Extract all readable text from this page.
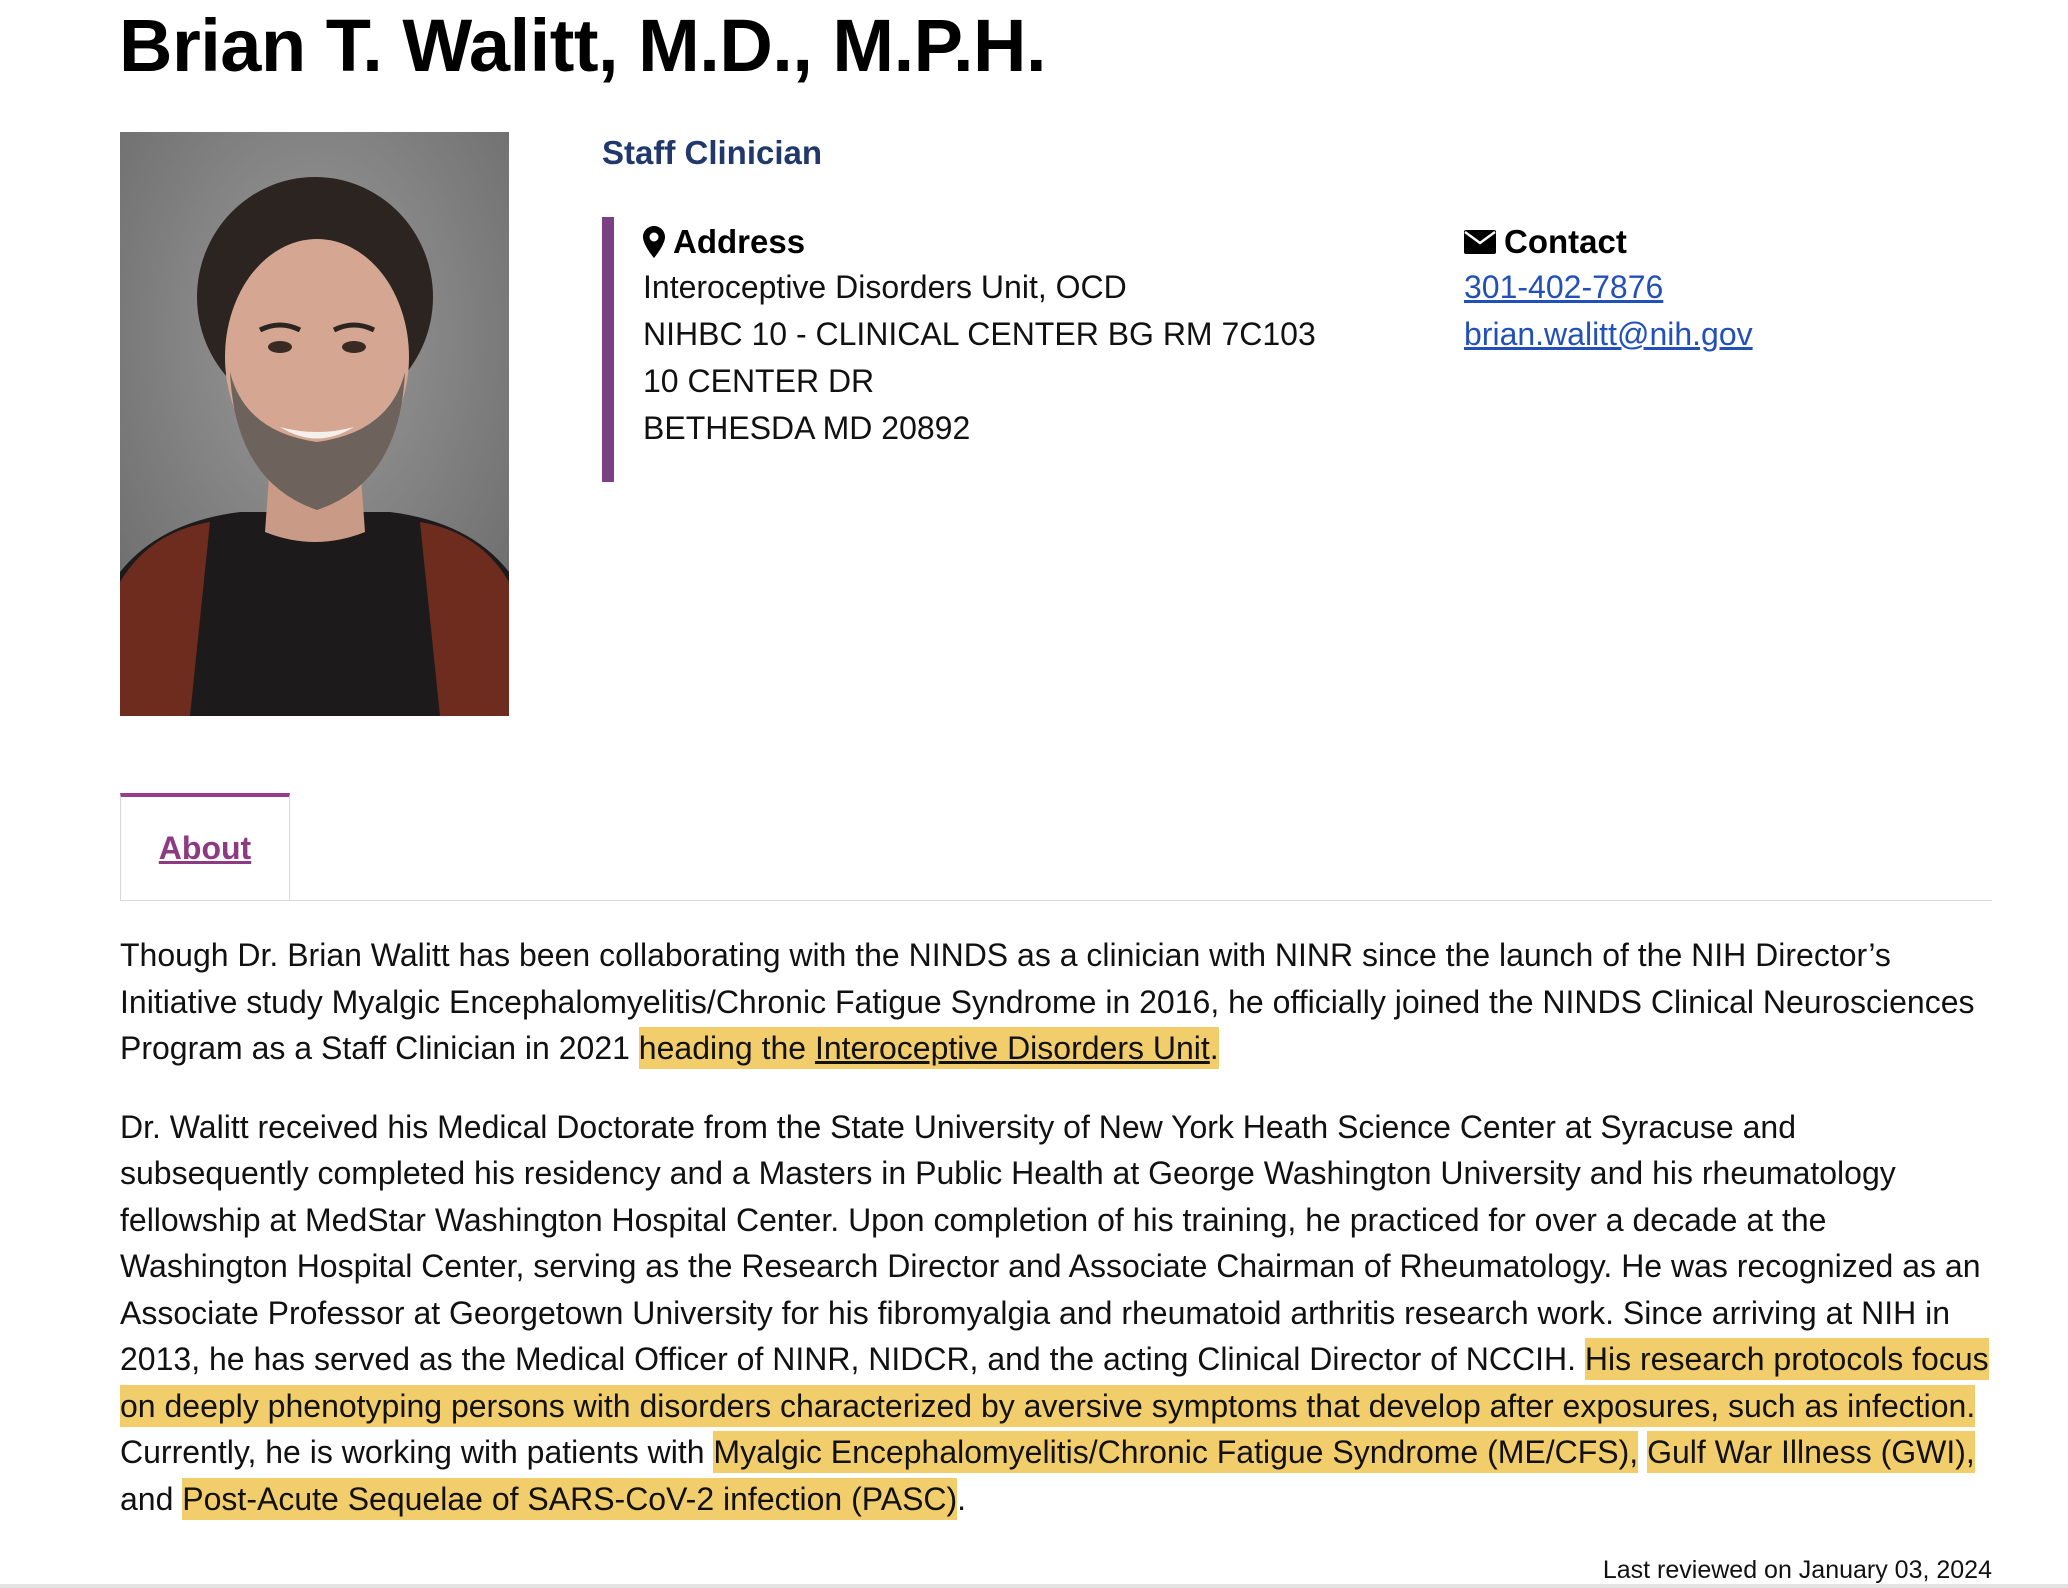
Brian T. Walitt, M.D., M.P.H.
Staff Clinician
Address
Interoceptive Disorders Unit, OCD
NIHBC 10 - CLINICAL CENTER BG RM 7C103
10 CENTER DR
BETHESDA MD 20892
Contact
301-402-7876
brian.walitt@nih.gov
About

Though Dr. Brian Walitt has been collaborating with the NINDS as a clinician with NINR since the launch of the NIH Director’s Initiative study Myalgic Encephalomyelitis/Chronic Fatigue Syndrome in 2016, he officially joined the NINDS Clinical Neurosciences Program as a Staff Clinician in 2021 heading the Interoceptive Disorders Unit.

Dr. Walitt received his Medical Doctorate from the State University of New York Heath Science Center at Syracuse and subsequently completed his residency and a Masters in Public Health at George Washington University and his rheumatology fellowship at MedStar Washington Hospital Center. Upon completion of his training, he practiced for over a decade at the Washington Hospital Center, serving as the Research Director and Associate Chairman of Rheumatology. He was recognized as an Associate Professor at Georgetown University for his fibromyalgia and rheumatoid arthritis research work. Since arriving at NIH in 2013, he has served as the Medical Officer of NINR, NIDCR, and the acting Clinical Director of NCCIH. His research protocols focus on deeply phenotyping persons with disorders characterized by aversive symptoms that develop after exposures, such as infection. Currently, he is working with patients with Myalgic Encephalomyelitis/Chronic Fatigue Syndrome (ME/CFS), Gulf War Illness (GWI), and Post-Acute Sequelae of SARS-CoV-2 infection (PASC).

Last reviewed on January 03, 2024
